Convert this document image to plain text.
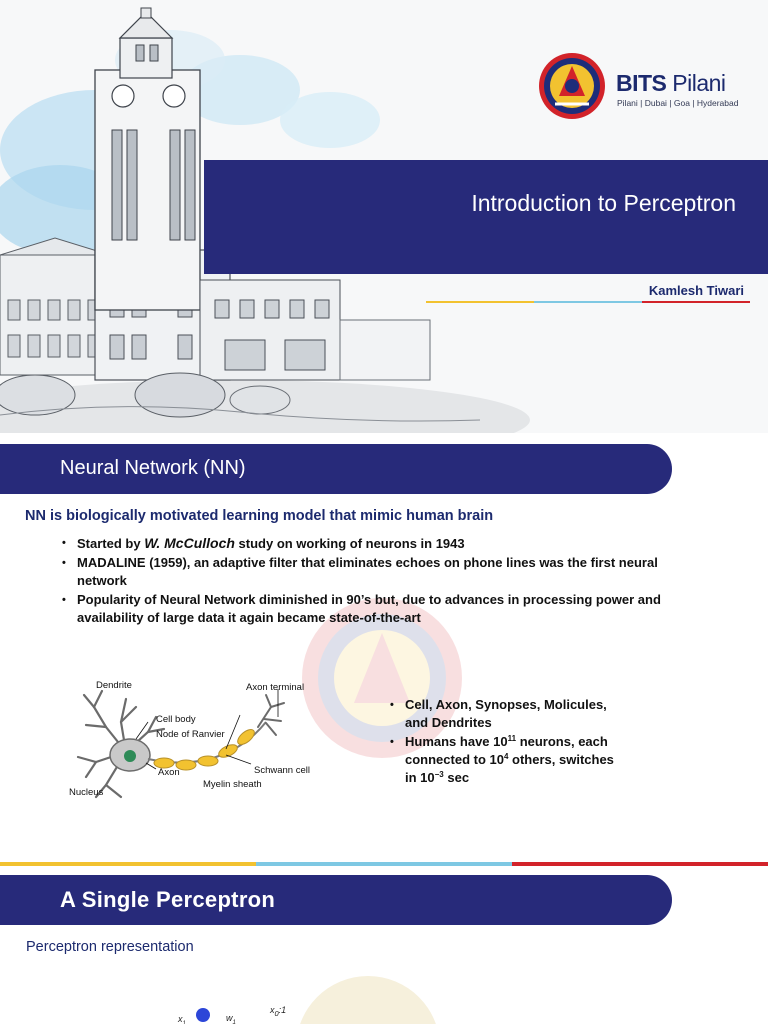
BITS Pilani
Pilani | Dubai | Goa | Hyderabad
Introduction to Perceptron
Kamlesh Tiwari
Neural Network (NN)
NN is biologically motivated learning model that mimic human brain
• Started by W. McCulloch study on working of neurons in 1943
• MADALINE (1959), an adaptive filter that eliminates echoes on phone lines was the first neural network
• Popularity of Neural Network diminished in 90’s but, due to advances in processing power and availability of large data it again became state-of-the-art
Dendrite	Axon terminal
Cell body
Node of Ranvier
Schwann cell
Axon
Nucleus
Myelin sheath
• Cell, Axon, Synopses, Molicules, and Dendrites
• Humans have $10^{11}$ neurons, each connected to $10^4$ others, switches in $10^{-3}$ sec
A Single Perceptron
Perceptron representation
$x_1$
$w_1$
$x_0:1$
